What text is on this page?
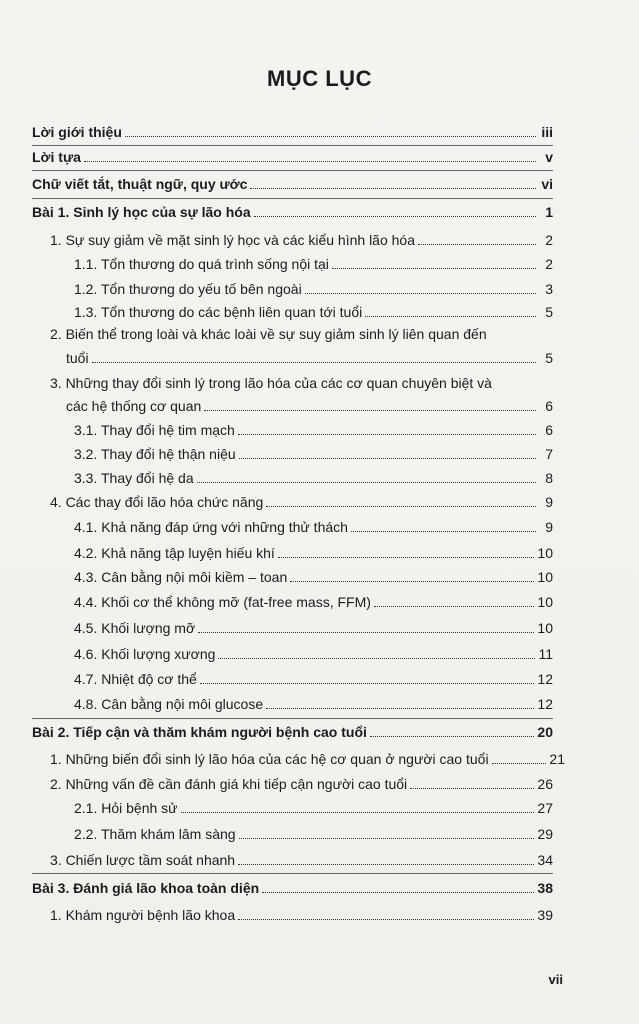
MỤC LỤC
Lời giới thiệu	iii
Lời tựa	v
Chữ viết tắt, thuật ngữ, quy ước	vi
Bài 1. Sinh lý học của sự lão hóa	1
1. Sự suy giảm về mặt sinh lý học và các kiểu hình lão hóa	2
1.1. Tổn thương do quá trình sống nội tại	2
1.2. Tổn thương do yếu tố bên ngoài	3
1.3. Tổn thương do các bệnh liên quan tới tuổi	5
2. Biến thể trong loài và khác loài về sự suy giảm sinh lý liên quan đến
tuổi	5
3. Những thay đổi sinh lý trong lão hóa của các cơ quan chuyên biệt và
các hệ thống cơ quan	6
3.1. Thay đổi hệ tim mạch	6
3.2. Thay đổi hệ thận niệu	7
3.3. Thay đổi hệ da	8
4. Các thay đổi lão hóa chức năng	9
4.1. Khả năng đáp ứng với những thử thách	9
4.2. Khả năng tập luyện hiếu khí	10
4.3. Cân bằng nội môi kiềm – toan	10
4.4. Khối cơ thể không mỡ (fat-free mass, FFM)	10
4.5. Khối lượng mỡ	10
4.6. Khối lượng xương	11
4.7. Nhiệt độ cơ thể	12
4.8. Cân bằng nội môi glucose	12
Bài 2. Tiếp cận và thăm khám người bệnh cao tuổi	20
1. Những biến đổi sinh lý lão hóa của các hệ cơ quan ở người cao tuổi	21
2. Những vấn đề cần đánh giá khi tiếp cận người cao tuổi	26
2.1. Hỏi bệnh sử	27
2.2. Thăm khám lâm sàng	29
3. Chiến lược tầm soát nhanh	34
Bài 3. Đánh giá lão khoa toàn diện	38
1. Khám người bệnh lão khoa	39
vii
